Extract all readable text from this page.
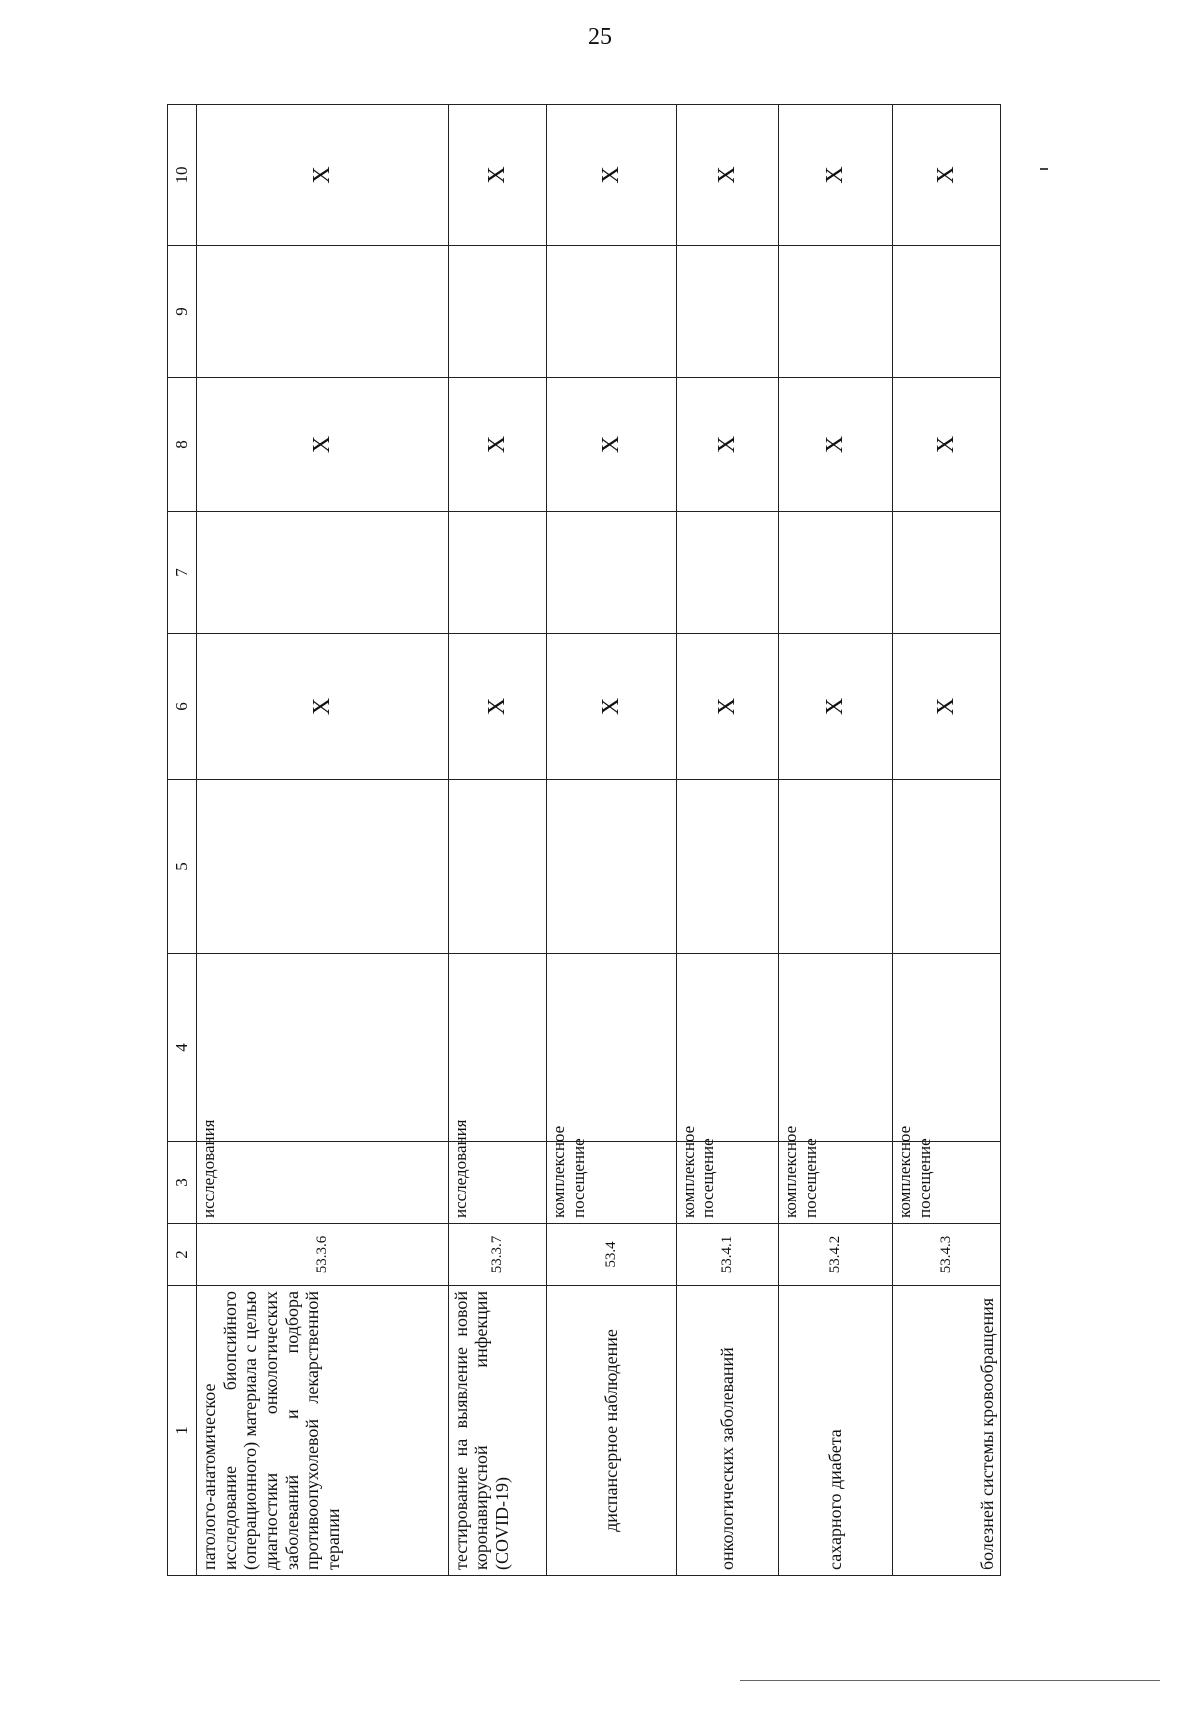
25
1	2	3	4	5	6	7	8	9	10
патолого-анатомическое исследование биопсийного (операционного) материала с целью диагностики онкологических заболеваний и подбора противоопухолевой лекарственной терапии	53.3.6	исследования			X		X		X
тестирование на выявление новой коронавирусной инфекции (COVID-19)	53.3.7	исследования			X		X		X
диспансерное наблюдение	53.4	комплексное посещение			X		X		X
онкологических заболеваний	53.4.1	комплексное посещение			X		X		X
сахарного диабета	53.4.2	комплексное посещение			X		X		X
болезней системы кровообращения	53.4.3	комплексное посещение			X		X		X
